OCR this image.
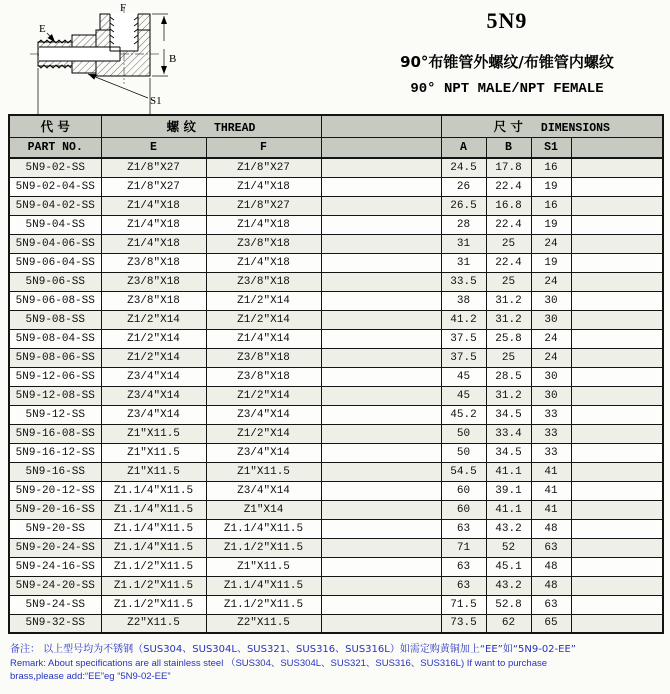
B
S1
E
F	5N9
90°布锥管外螺纹/布锥管内螺纹
90° NPT MALE/NPT FEMALE
代 号	螺 纹 THREAD			尺 寸 DIMENSIONS			
PART NO.	E	F		A	B	S1	
5N9-02-SS	Z1/8″X27	Z1/8″X27		24.5	17.8	16	
5N9-02-04-SS	Z1/8″X27	Z1/4″X18		26	22.4	19	
5N9-04-02-SS	Z1/4″X18	Z1/8″X27		26.5	16.8	16	
5N9-04-SS	Z1/4″X18	Z1/4″X18		28	22.4	19	
5N9-04-06-SS	Z1/4″X18	Z3/8″X18		31	25	24	
5N9-06-04-SS	Z3/8″X18	Z1/4″X18		31	22.4	19	
5N9-06-SS	Z3/8″X18	Z3/8″X18		33.5	25	24	
5N9-06-08-SS	Z3/8″X18	Z1/2″X14		38	31.2	30	
5N9-08-SS	Z1/2″X14	Z1/2″X14		41.2	31.2	30	
5N9-08-04-SS	Z1/2″X14	Z1/4″X14		37.5	25.8	24	
5N9-08-06-SS	Z1/2″X14	Z3/8″X18		37.5	25	24	
5N9-12-06-SS	Z3/4″X14	Z3/8″X18		45	28.5	30	
5N9-12-08-SS	Z3/4″X14	Z1/2″X14		45	31.2	30	
5N9-12-SS	Z3/4″X14	Z3/4″X14		45.2	34.5	33	
5N9-16-08-SS	Z1″X11.5	Z1/2″X14		50	33.4	33	
5N9-16-12-SS	Z1″X11.5	Z3/4″X14		50	34.5	33	
5N9-16-SS	Z1″X11.5	Z1″X11.5		54.5	41.1	41	
5N9-20-12-SS	Z1.1/4″X11.5	Z3/4″X14		60	39.1	41	
5N9-20-16-SS	Z1.1/4″X11.5	Z1″X14		60	41.1	41	
5N9-20-SS	Z1.1/4″X11.5	Z1.1/4″X11.5		63	43.2	48	
5N9-20-24-SS	Z1.1/4″X11.5	Z1.1/2″X11.5		71	52	63	
5N9-24-16-SS	Z1.1/2″X11.5	Z1″X11.5		63	45.1	48	
5N9-24-20-SS	Z1.1/2″X11.5	Z1.1/4″X11.5		63	43.2	48	
5N9-24-SS	Z1.1/2″X11.5	Z1.1/2″X11.5		71.5	52.8	63	
5N9-32-SS	Z2″X11.5	Z2″X11.5		73.5	62	65	
备注： 以上型号均为不锈钢（SUS304、SUS304L、SUS321、SUS316、SUS316L）如需定购黄铜加上“EE”如“5N9-02-EE”
Remark: About specifications are all stainless steel （SUS304、SUS304L、SUS321、SUS316、SUS316L) If want to purchase
brass,please add:“EE”eg “5N9-02-EE”
